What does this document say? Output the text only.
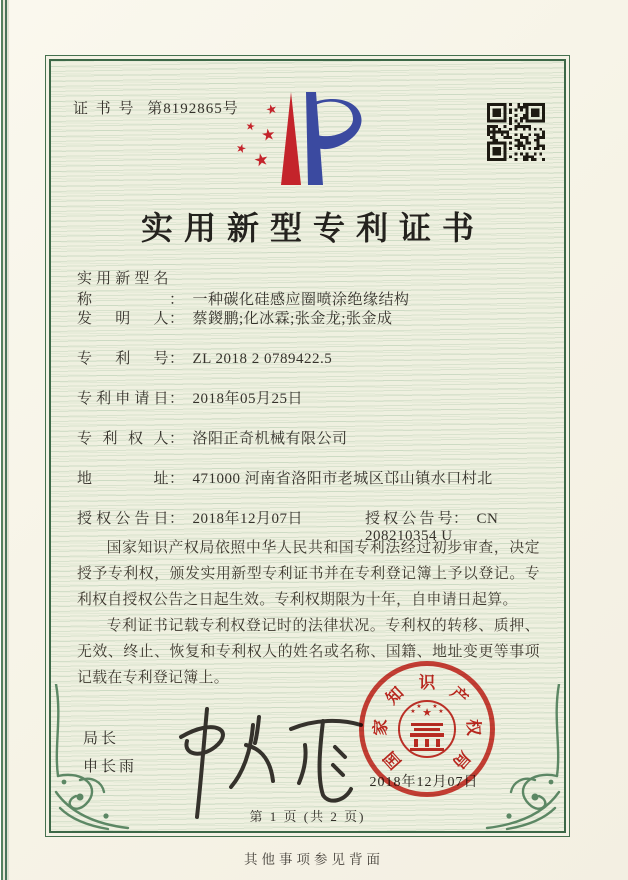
证 书 号 第8192865号 ★
★ ★
★
★
实用新型专利证书
实用新型名称	： 一种碳化硅感应圈喷涂绝缘结构
发明人： 蔡鍐鹏;化冰霖;张金龙;张金成
专利号： ZL 2018 2 0789422.5
专利申请日： 2018年05月25日
专利权人： 洛阳正奇机械有限公司
地址： 471000 河南省洛阳市老城区邙山镇水口村北
授权公告日： 2018年12月07日	授权公告号： CN 208210354 U

国家知识产权局依照中华人民共和国专利法经过初步审查，决定授予专利权，颁发实用新型专利证书并在专利登记簿上予以登记。专利权自授权公告之日起生效。专利权期限为十年，自申请日起算。

专利证书记载专利权登记时的法律状况。专利权的转移、质押、无效、终止、恢复和专利权人的姓名或名称、国籍、地址变更等事项记载在专利登记簿上。

局长
申长雨
2018年12月07日
国
家
知
识
产
权
局
★
★
★ ★
★
第 1 页 (共 2 页)
其他事项参见背面
